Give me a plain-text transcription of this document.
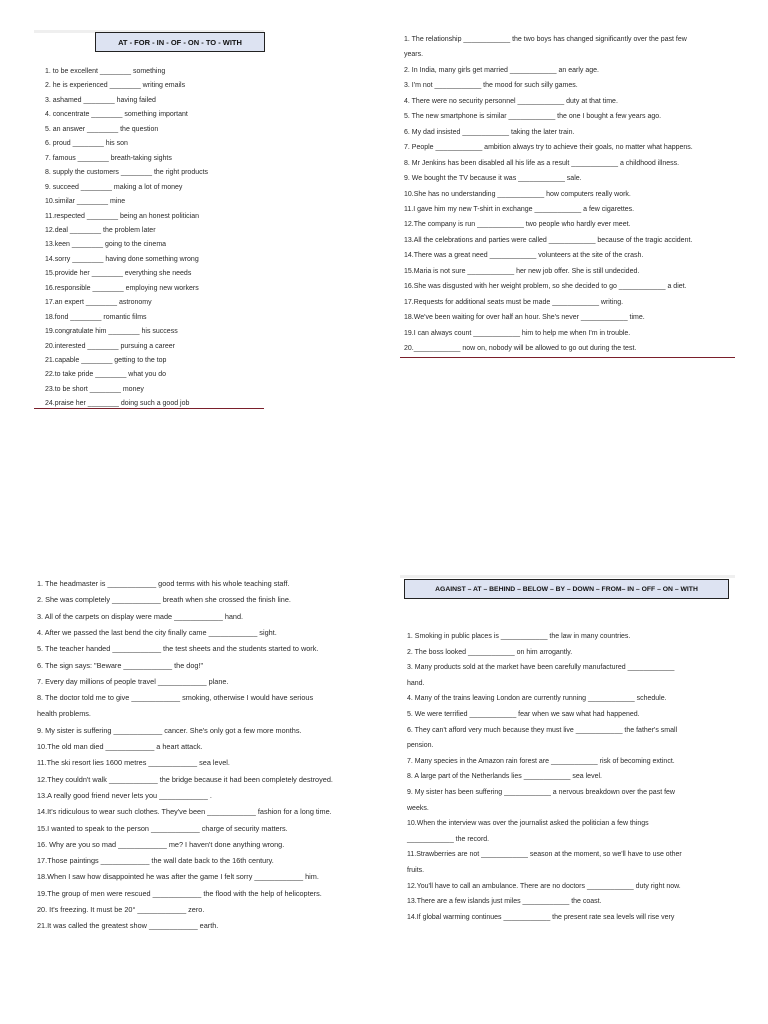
AT - FOR - IN - OF - ON - TO - WITH
1. to be excellent ________ something
2. he is experienced ________ writing emails
3. ashamed ________ having failed
4. concentrate ________ something important
5. an answer ________ the question
6. proud ________ his son
7. famous ________ breath-taking sights
8. supply the customers ________ the right products
9. succeed ________ making a lot of money
10.similar ________ mine
11.respected ________ being an honest politician
12.deal ________ the problem later
13.keen ________ going to the cinema
14.sorry ________ having done something wrong
15.provide her ________ everything she needs
16.responsible ________ employing new workers
17.an expert ________ astronomy
18.fond ________ romantic films
19.congratulate him ________ his success
20.interested ________ pursuing a career
21.capable ________ getting to the top
22.to take pride ________ what you do
23.to be short ________ money
24.praise her ________ doing such a good job
1. The relationship ____________ the two boys has changed significantly over the past few
years.
2. In India, many girls get married ____________ an early age.
3. I'm not ____________ the mood for such silly games.
4. There were no security personnel ____________ duty at that time.
5. The new smartphone is similar ____________ the one I bought a few years ago.
6. My dad insisted ____________ taking the later train.
7. People ____________ ambition always try to achieve their goals, no matter what happens.
8. Mr Jenkins has been disabled all his life as a result ____________ a childhood illness.
9. We bought the TV because it was ____________ sale.
10.She has no understanding ____________ how computers really work.
11.I gave him my new T-shirt in exchange ____________ a few cigarettes.
12.The company is run ____________ two people who hardly ever meet.
13.All the celebrations and parties were called ____________ because of the tragic accident.
14.There was a great need ____________ volunteers at the site of the crash.
15.Maria is not sure ____________ her new job offer. She is still undecided.
16.She was disgusted with her weight problem, so she decided to go ____________ a diet.
17.Requests for additional seats must be made ____________ writing.
18.We've been waiting for over half an hour. She's never ____________ time.
19.I can always count ____________ him to help me when I'm in trouble.
20.____________ now on, nobody will be allowed to go out during the test.
1. The headmaster is ____________ good terms with his whole teaching staff.
2. She was completely ____________ breath when she crossed the finish line.
3. All of the carpets on display were made ____________ hand.
4. After we passed the last bend the city finally came ____________ sight.
5. The teacher handed ____________ the test sheets and the students started to work.
6. The sign says: "Beware ____________ the dog!"
7. Every day millions of people travel ____________ plane.
8. The doctor told me to give ____________ smoking, otherwise I would have serious
health problems.
9. My sister is suffering ____________ cancer. She's only got a few more months.
10.The old man died ____________ a heart attack.
11.The ski resort lies 1600 metres ____________ sea level.
12.They couldn't walk ____________ the bridge because it had been completely destroyed.
13.A really good friend never lets you ____________ .
14.It's ridiculous to wear such clothes. They've been ____________ fashion for a long time.
15.I wanted to speak to the person ____________ charge of security matters.
16. Why are you so mad ____________ me? I haven't done anything wrong.
17.Those paintings ____________ the wall date back to the 16th century.
18.When I saw how disappointed he was after the game I felt sorry ____________ him.
19.The group of men were rescued ____________ the flood with the help of helicopters.
20. It's freezing. It must be 20° ____________ zero.
21.It was called the greatest show ____________ earth.
AGAINST – AT – BEHIND – BELOW – BY – DOWN – FROM– IN – OFF – ON – WITH
1. Smoking in public places is ____________ the law in many countries.
2. The boss looked ____________ on him arrogantly.
3. Many products sold at the market have been carefully manufactured ____________
hand.
4. Many of the trains leaving London are currently running ____________ schedule.
5. We were terrified ____________ fear when we saw what had happened.
6. They can't afford very much because they must live ____________ the father's small
pension.
7. Many species in the Amazon rain forest are ____________ risk of becoming extinct.
8. A large part of the Netherlands lies ____________ sea level.
9. My sister has been suffering ____________ a nervous breakdown over the past few
weeks.
10.When the interview was over the journalist asked the politician a few things
____________ the record.
11.Strawberries are not ____________ season at the moment, so we'll have to use other
fruits.
12.You'll have to call an ambulance. There are no doctors ____________ duty right now.
13.There are a few islands just miles ____________ the coast.
14.If global warming continues ____________ the present rate sea levels will rise very
